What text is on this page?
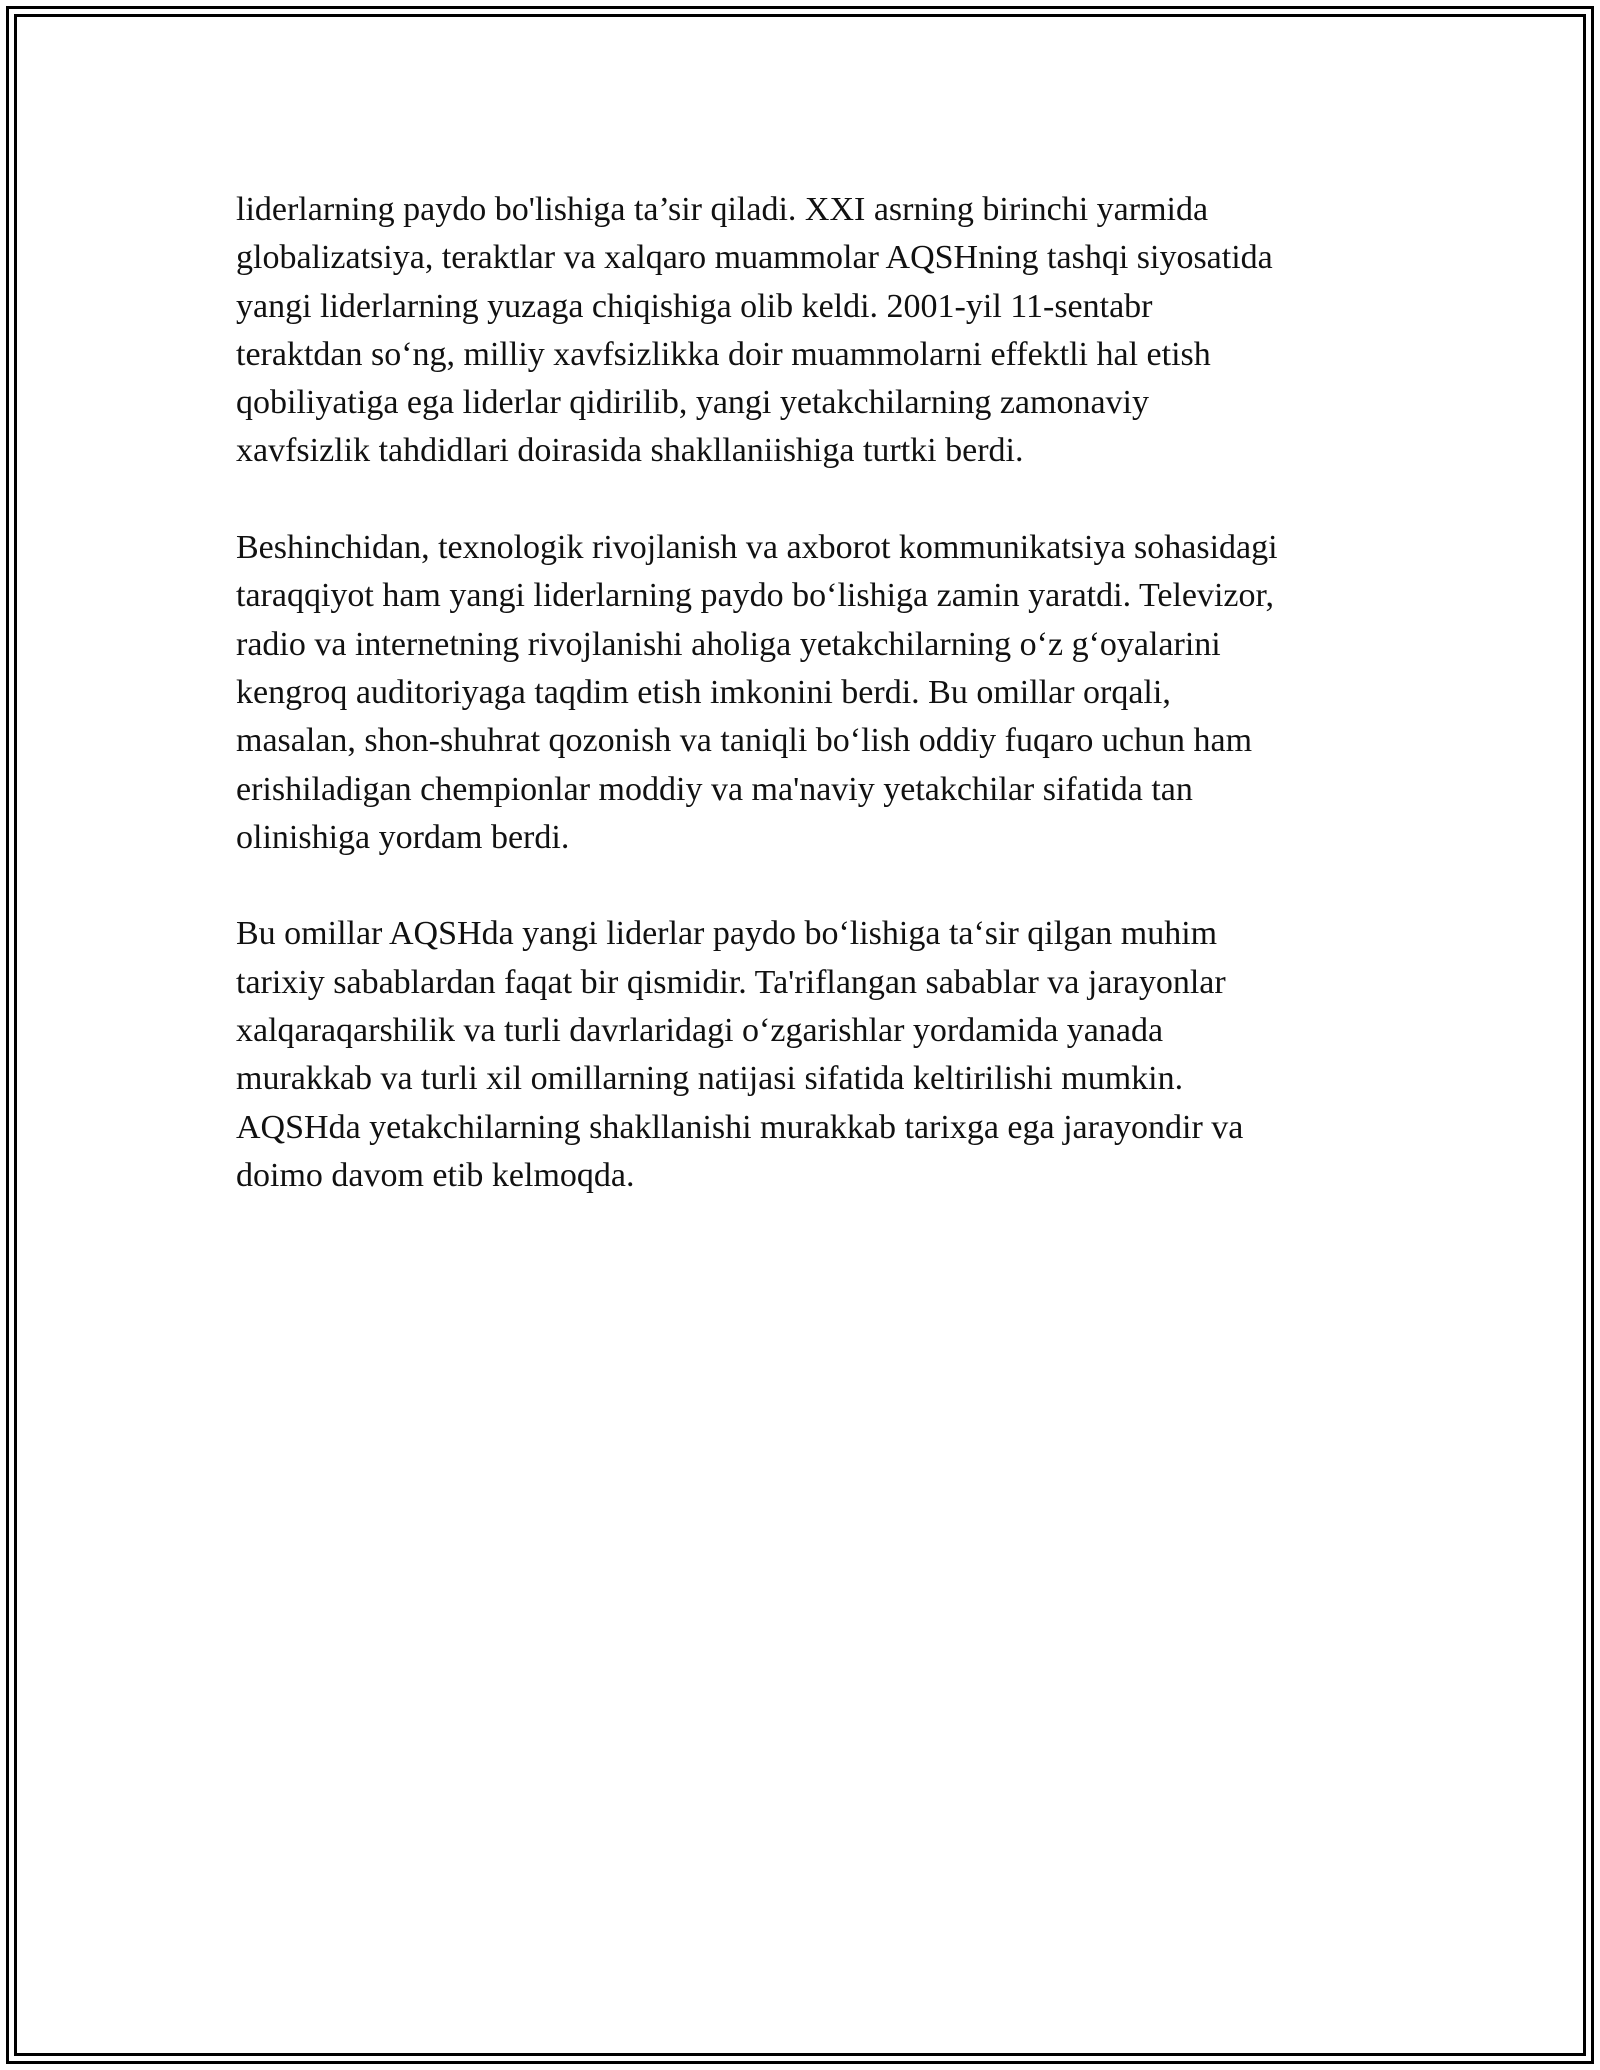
liderlarning paydo bo'lishiga ta’sir qiladi. XXI asrning birinchi yarmida
globalizatsiya, teraktlar va xalqaro muammolar AQSHning tashqi siyosatida
yangi liderlarning yuzaga chiqishiga olib keldi. 2001-yil 11-sentabr
teraktdan so‘ng, milliy xavfsizlikka doir muammolarni effektli hal etish
qobiliyatiga ega liderlar qidirilib, yangi yetakchilarning zamonaviy
xavfsizlik tahdidlari doirasida shakllaniishiga turtki berdi.
Beshinchidan, texnologik rivojlanish va axborot kommunikatsiya sohasidagi
taraqqiyot ham yangi liderlarning paydo bo‘lishiga zamin yaratdi. Televizor,
radio va internetning rivojlanishi aholiga yetakchilarning o‘z g‘oyalarini
kengroq auditoriyaga taqdim etish imkonini berdi. Bu omillar orqali,
masalan, shon-shuhrat qozonish va taniqli bo‘lish oddiy fuqaro uchun ham
erishiladigan chempionlar moddiy va ma'naviy yetakchilar sifatida tan
olinishiga yordam berdi.
Bu omillar AQSHda yangi liderlar paydo bo‘lishiga ta‘sir qilgan muhim
tarixiy sabablardan faqat bir qismidir. Ta'riflangan sabablar va jarayonlar
xalqaraqarshilik va turli davrlaridagi o‘zgarishlar yordamida yanada
murakkab va turli xil omillarning natijasi sifatida keltirilishi mumkin.
AQSHda yetakchilarning shakllanishi murakkab tarixga ega jarayondir va
doimo davom etib kelmoqda.
